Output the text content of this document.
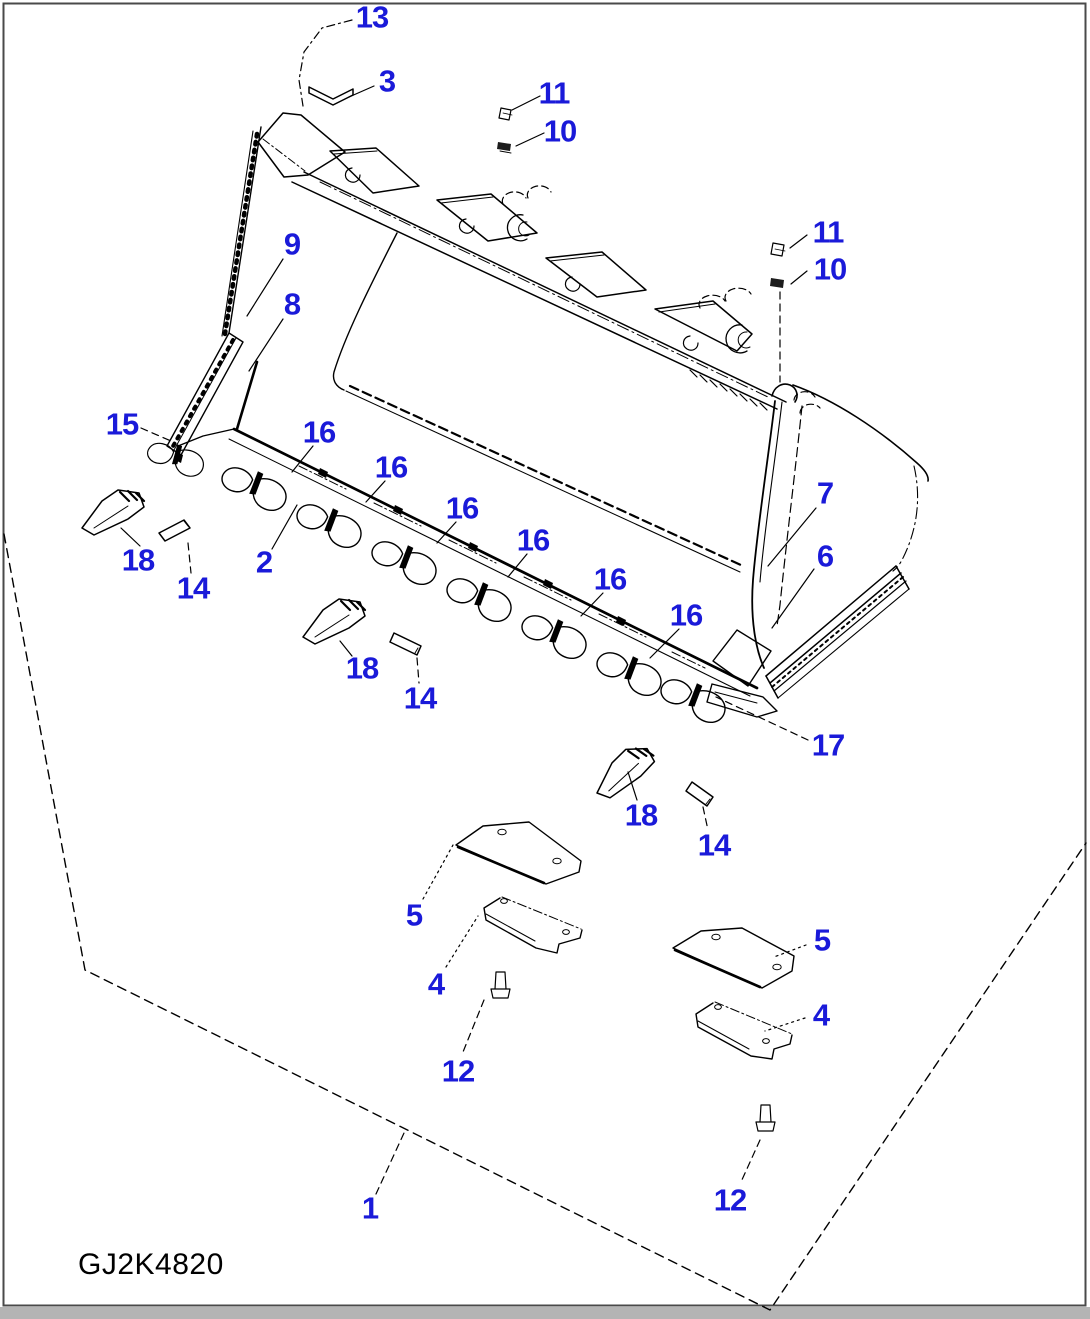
13
3	11
10
11
10
9
8
15	16
16
16
16
16
16
2
18
14
18
14
7
6
17
18
14
5
4
12
5
4
12
1
GJ2K4820
